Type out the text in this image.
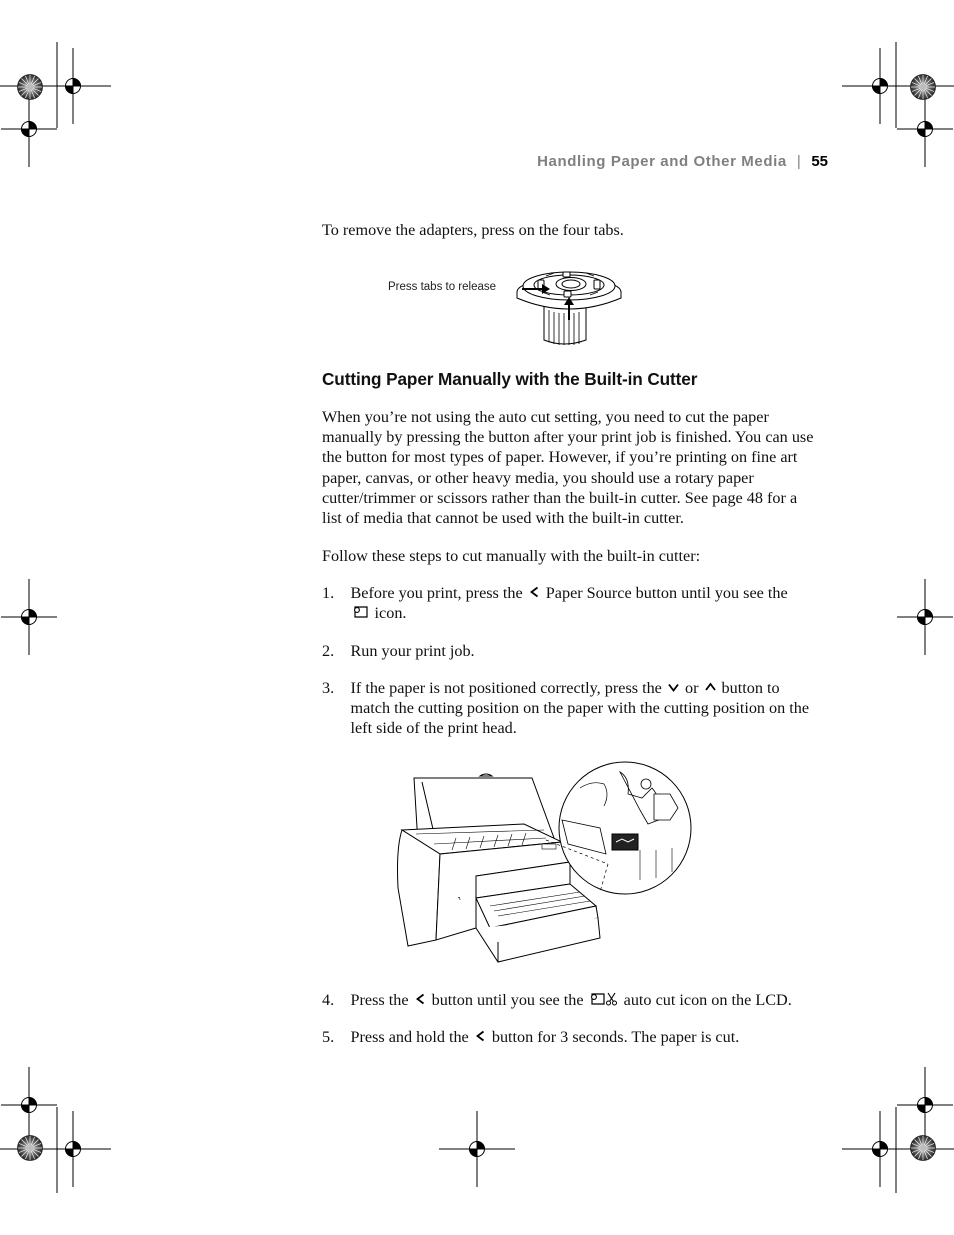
Handling Paper and Other Media | 55
To remove the adapters, press on the four tabs.
Press tabs to release
Cutting Paper Manually with the Built-in Cutter
When you’re not using the auto cut setting, you need to cut the paper
manually by pressing the button after your print job is finished. You can use
the button for most types of paper. However, if you’re printing on fine art
paper, canvas, or other heavy media, you should use a rotary paper
cutter/trimmer or scissors rather than the built-in cutter. See page 48 for a
list of media that cannot be used with the built-in cutter.
Follow these steps to cut manually with the built-in cutter:
1. Before you print, press the Paper Source button until you see the

icon.
2. Run your print job.
3. If the paper is not positioned correctly, press the or button to
match the cutting position on the paper with the cutting position on the
left side of the print head.
4. Press the button until you see the auto cut icon on the LCD.
5. Press and hold the button for 3 seconds. The paper is cut.
